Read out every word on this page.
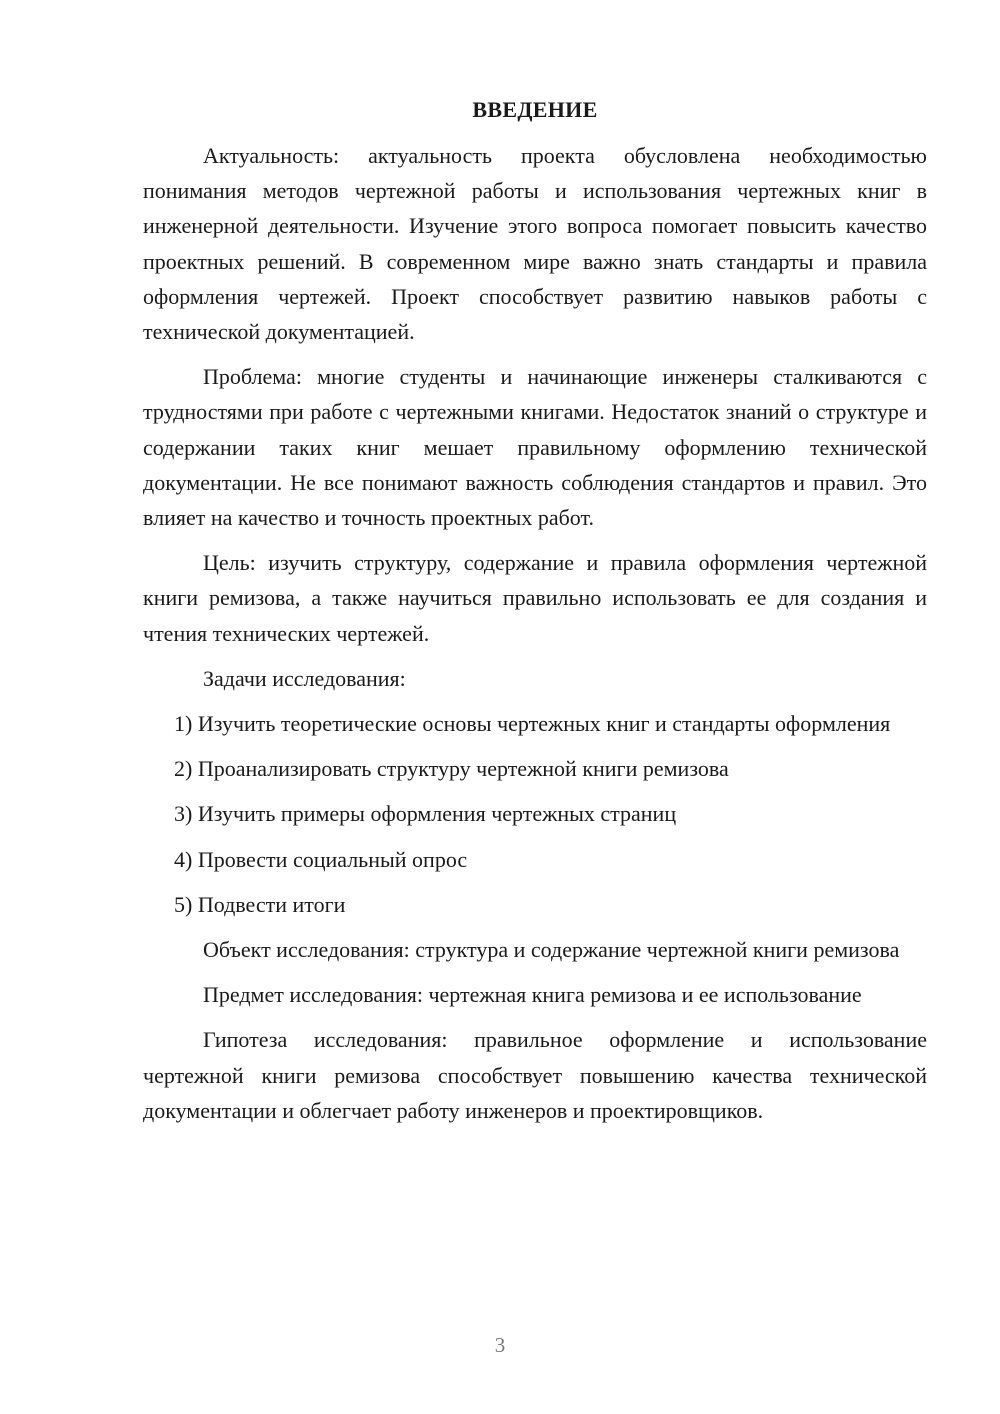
ВВЕДЕНИЕ

Актуальность: актуальность проекта обусловлена необходимостью понимания методов чертежной работы и использования чертежных книг в инженерной деятельности. Изучение этого вопроса помогает повысить качество проектных решений. В современном мире важно знать стандарты и правила оформления чертежей. Проект способствует развитию навыков работы с технической документацией.

Проблема: многие студенты и начинающие инженеры сталкиваются с трудностями при работе с чертежными книгами. Недостаток знаний о структуре и содержании таких книг мешает правильному оформлению технической документации. Не все понимают важность соблюдения стандартов и правил. Это влияет на качество и точность проектных работ.

Цель: изучить структуру, содержание и правила оформления чертежной книги ремизова, а также научиться правильно использовать ее для создания и чтения технических чертежей.

Задачи исследования:

1) Изучить теоретические основы чертежных книг и стандарты оформления

2) Проанализировать структуру чертежной книги ремизова

3) Изучить примеры оформления чертежных страниц

4) Провести социальный опрос

5) Подвести итоги

Объект исследования: структура и содержание чертежной книги ремизова

Предмет исследования: чертежная книга ремизова и ее использование

Гипотеза исследования: правильное оформление и использование чертежной книги ремизова способствует повышению качества технической документации и облегчает работу инженеров и проектировщиков.

3
